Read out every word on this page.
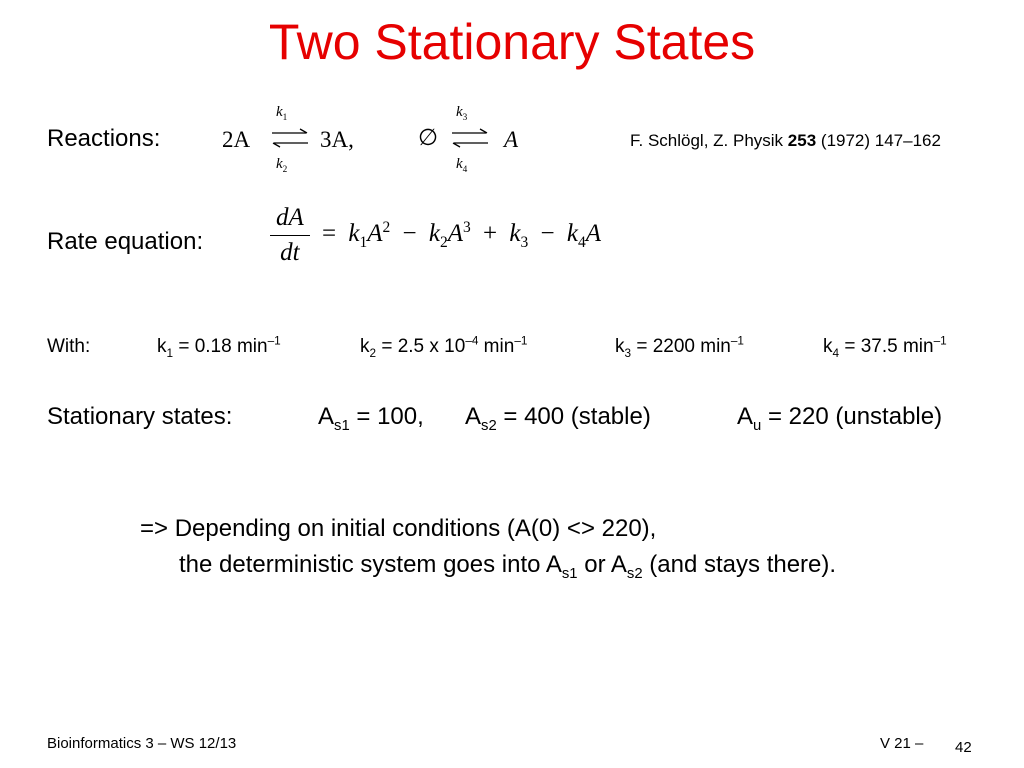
Two Stationary States
Reactions:	2A
$k_1$
$k_2$
3A,	∅
$k_3$
$k_4$
A	F. Schlögl, Z. Physik 253 (1972) 147–162
Rate equation:	$\frac{dA}{dt} = k_1A^2 - k_2A^3 + k_3 - k_4A$
With:	$k_1 = 0.18$ $\min^{-1}$	$k_2 = 2.5$ x $10^{-4}$ $\min^{-1}$	$k_3 = 2200$ $\min^{-1}$	$k_4 = 37.5$ $\min^{-1}$
Stationary states:	$A_{s1} = 100$, $A_{s2} = 400$ (stable)	$A_u = 220$ (unstable)
=> Depending on initial conditions (A(0) <> 220),
the deterministic system goes into $A_{s1}$ or $A_{s2}$ (and stays there).
Bioinformatics 3 – WS 12/13	V 21 – 42
